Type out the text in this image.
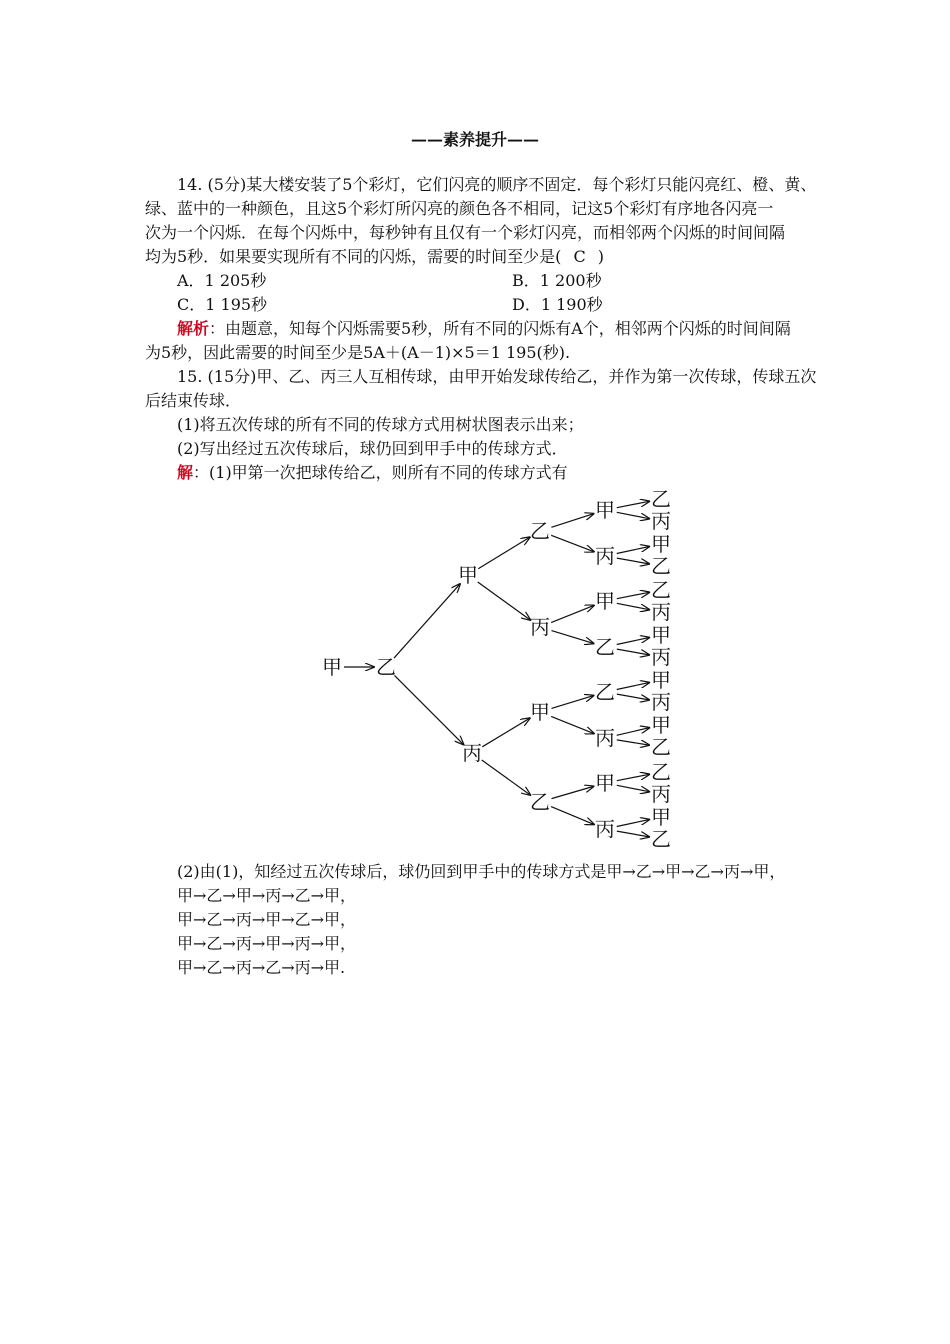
——素养提升——
14. (5分)某大楼安装了5个彩灯，它们闪亮的顺序不固定．每个彩灯只能闪亮红、橙、黄、
绿、蓝中的一种颜色，且这5个彩灯所闪亮的颜色各不相同，记这5个彩灯有序地各闪亮一
次为一个闪烁．在每个闪烁中，每秒钟有且仅有一个彩灯闪亮，而相邻两个闪烁的时间间隔
均为5秒．如果要实现所有不同的闪烁，需要的时间至少是( C )
A．1 205秒	B．1 200秒
C．1 195秒	D．1 190秒
解析：由题意，知每个闪烁需要5秒，所有不同的闪烁有A个，相邻两个闪烁的时间间隔
为5秒，因此需要的时间至少是5A＋(A－1)×5＝1 195(秒).
15. (15分)甲、乙、丙三人互相传球，由甲开始发球传给乙，并作为第一次传球，传球五次
后结束传球．
(1)将五次传球的所有不同的传球方式用树状图表示出来；
(2)写出经过五次传球后，球仍回到甲手中的传球方式．
解：(1)甲第一次把球传给乙，则所有不同的传球方式有
甲 乙
甲
丙
乙
丙
甲
乙
甲
丙
甲
乙
乙
丙
甲
丙
乙
丙
甲
乙
乙
丙
甲
丙
甲
丙
甲
乙
乙
丙
甲
乙
(2)由(1)，知经过五次传球后，球仍回到甲手中的传球方式是甲→乙→甲→乙→丙→甲，
甲→乙→甲→丙→乙→甲，
甲→乙→丙→甲→乙→甲，
甲→乙→丙→甲→丙→甲，
甲→乙→丙→乙→丙→甲.
